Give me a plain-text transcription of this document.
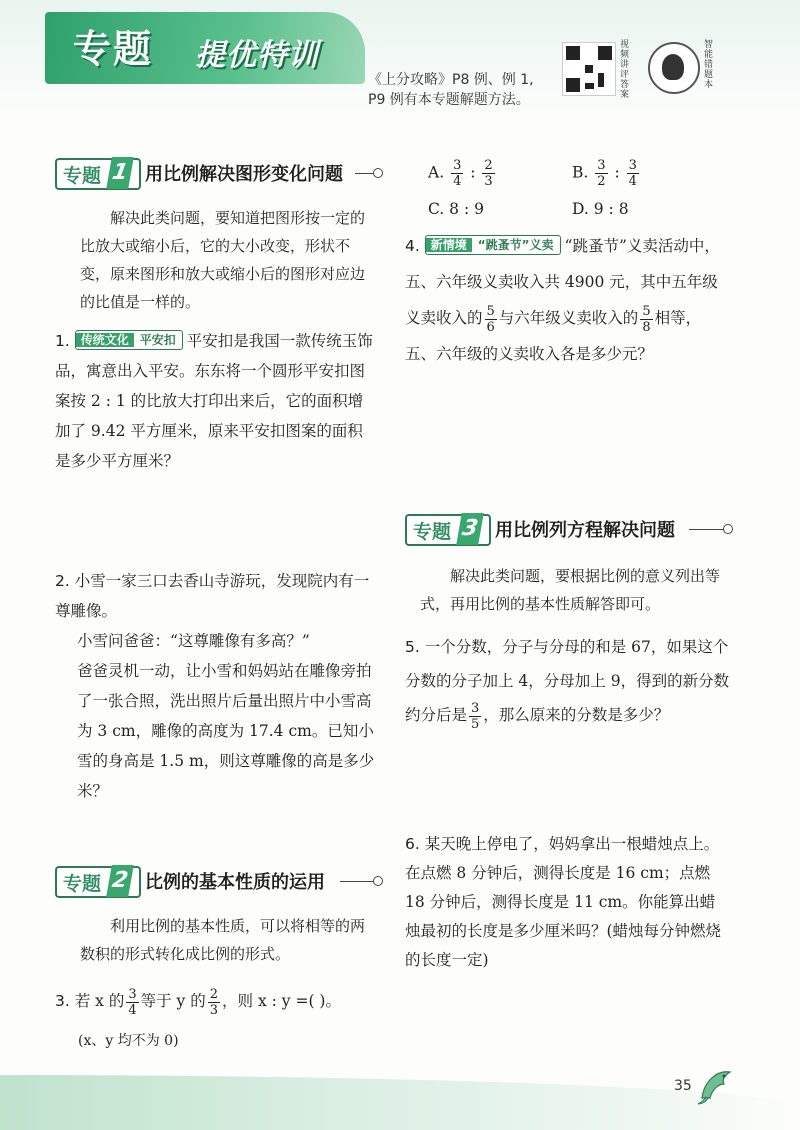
专题 提优特训
《上分攻略》P8 例、例 1, P9 例有本专题解题方法。
视频讲评答案
智能错题本
专题 1 用比例解决图形变化问题
解决此类问题，要知道把图形按一定的比放大或缩小后，它的大小改变，形状不变，原来图形和放大或缩小后的图形对应边的比值是一样的。
1. 传统文化 平安扣 平安扣是我国一款传统玉饰品，寓意出入平安。东东将一个圆形平安扣图案按 2 : 1 的比放大打印出来后，它的面积增加了 9.42 平方厘米，原来平安扣图案的面积是多少平方厘米？
2. 小雪一家三口去香山寺游玩，发现院内有一尊雕像。
小雪问爸爸：“这尊雕像有多高？”
爸爸灵机一动，让小雪和妈妈站在雕像旁拍了一张合照，洗出照片后量出照片中小雪高为 3 cm，雕像的高度为 17.4 cm。已知小雪的身高是 1.5 m，则这尊雕像的高是多少米？
专题 2 比例的基本性质的运用
利用比例的基本性质，可以将相等的两数积的形式转化成比例的形式。
3. 若 x 的 $\frac{3}{4}$ 等于 y 的 $\frac{2}{3}$ ，则 x : y =( )。
(x、y 均不为 0)
A. $\frac{3}{4}$ : $\frac{2}{3}$	B. $\frac{3}{2}$ : $\frac{3}{4}$
C. 8 : 9	D. 9 : 8
4. 新情境 “跳蚤节”义卖 “跳蚤节”义卖活动中，五、六年级义卖收入共 4900 元，其中五年级义卖收入的 $\frac{5}{6}$ 与六年级义卖收入的 $\frac{5}{8}$ 相等，五、六年级的义卖收入各是多少元？
专题 3 用比例列方程解决问题
解决此类问题，要根据比例的意义列出等式，再用比例的基本性质解答即可。
5. 一个分数，分子与分母的和是 67，如果这个分数的分子加上 4，分母加上 9，得到的新分数约分后是 $\frac{3}{5}$ ，那么原来的分数是多少？
6. 某天晚上停电了，妈妈拿出一根蜡烛点上。在点燃 8 分钟后，测得长度是 16 cm；点燃 18 分钟后，测得长度是 11 cm。你能算出蜡烛最初的长度是多少厘米吗？(蜡烛每分钟燃烧的长度一定)
35
